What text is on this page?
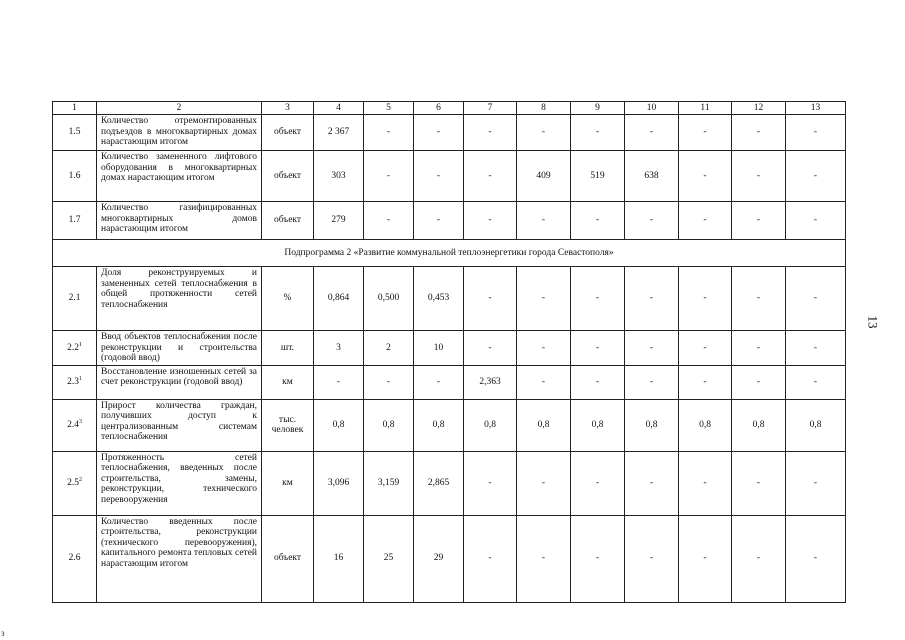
1	2	3	4	5	6	7	8	9	10	11	12	13
1.5	Количество отремонтированных подъездов в многоквартирных домах нарастающим итогом	объект	2 367	-	-	-	-	-	-	-	-	-
1.6	Количество замененного лифтового оборудования в многоквартирных домах нарастающим итогом	объект	303	-	-	-	409	519	638	-	-	-
1.7	Количество газифицированных многоквартирных домов нарастающим итогом	объект	279	-	-	-	-	-	-	-	-	-
Подпрограмма 2 «Развитие коммунальной теплоэнергетики города Севастополя»												
2.1	Доля реконструируемых и замененных сетей теплоснабжения в общей протяженности сетей теплоснабжения	%	0,864	0,500	0,453	-	-	-	-	-	-	-
$2.2^1$	Ввод объектов теплоснабжения после реконструкции и строительства (годовой ввод)	шт.	3	2	10	-	-	-	-	-	-	-
$2.3^1$	Восстановление изношенных сетей за счет реконструкции (годовой ввод)	км	-	-	-	2,363	-	-	-	-	-	-
$2.4^3$	Прирост количества граждан, получивших доступ к централизованным системам теплоснабжения	тыс. человек	0,8	0,8	0,8	0,8	0,8	0,8	0,8	0,8	0,8	0,8
$2.5^2$	Протяженность сетей теплоснабжения, введенных после строительства, замены, реконструкции, технического перевооружения	км	3,096	3,159	2,865	-	-	-	-	-	-	-
2.6	Количество введенных после строительства, реконструкции (технического перевооружения), капитального ремонта тепловых сетей нарастающим итогом	объект	16	25	29	-	-	-	-	-	-	-
13
з
